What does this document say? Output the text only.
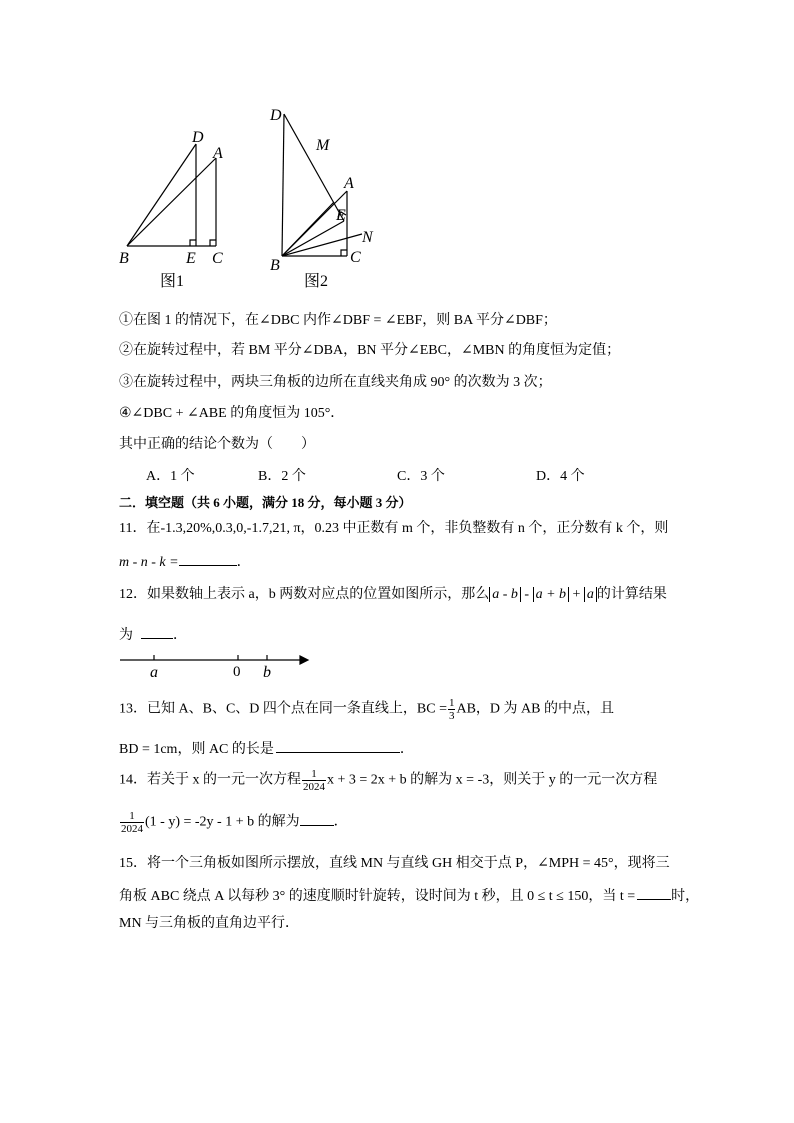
D
A
B	E C
图1
D
M
A
E
N
B	C
图2
①在图 1 的情况下，在∠DBC 内作∠DBF = ∠EBF，则 BA 平分∠DBF；
②在旋转过程中，若 BM 平分∠DBA，BN 平分∠EBC，∠MBN 的角度恒为定值；
③在旋转过程中，两块三角板的边所在直线夹角成 90° 的次数为 3 次；
④∠DBC + ∠ABE 的角度恒为 105°．
其中正确的结论个数为（　　）
A．1 个	B．2 个	C．3 个	D．4 个
二．填空题（共 6 小题，满分 18 分，每小题 3 分）
11．在-1.3,20%,0.3,0,-1.7,21, π，0.23 中正数有 m 个，非负整数有 n 个，正分数有 k 个，则
m - n - k =	．
12．如果数轴上表示 a，b 两数对应点的位置如图所示，那么 a - b - a + b + a 的计算结果
为	．
a	0 b
13．已知 A、B、C、D 四个点在同一条直线上，BC = $\frac{1}{3}$ AB，D 为 AB 的中点，且
BD = 1cm，则 AC 的长是	．
14．若关于 x 的一元一次方程 $\frac{1}{2024}$ x + 3 = 2x + b 的解为 x = -3，则关于 y 的一元一次方程
$\frac{1}{2024} (1 - y) = -2y - 1 + b$ 的解为 ．
15．将一个三角板如图所示摆放，直线 MN 与直线 GH 相交于点 P，∠MPH = 45°，现将三
角板 ABC 绕点 A 以每秒 3° 的速度顺时针旋转，设时间为 t 秒，且 0 ≤ t ≤ 150，当 t =	时，
MN 与三角板的直角边平行．
